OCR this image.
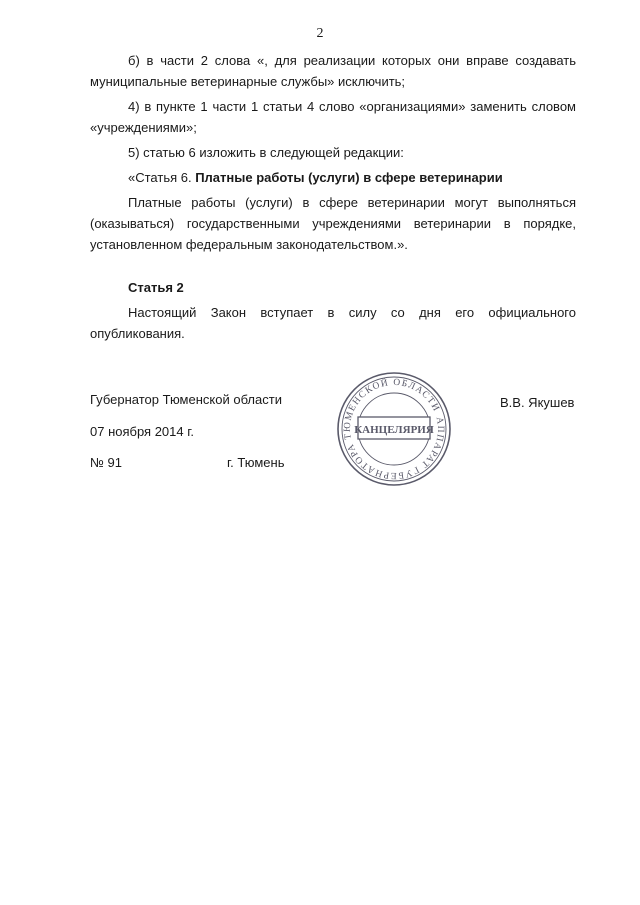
2

б) в части 2 слова «, для реализации которых они вправе создавать муниципальные ветеринарные службы» исключить;

4) в пункте 1 части 1 статьи 4 слово «организациями» заменить словом «учреждениями»;

5) статью 6 изложить в следующей редакции:

«Статья 6. Платные работы (услуги) в сфере ветеринарии

Платные работы (услуги) в сфере ветеринарии могут выполняться (оказываться) государственными учреждениями ветеринарии в порядке, установленном федеральным законодательством.».

Статья 2

Настоящий Закон вступает в силу со дня его официального опубликования.

Губернатор Тюменской области	В.В. Якушев
07 ноября 2014 г.
№ 91	г. Тюмень
АППАРАТ ГУБЕРНАТОРА ТЮМЕНСКОЙ ОБЛАСТИ
КАНЦЕЛЯРИЯ
